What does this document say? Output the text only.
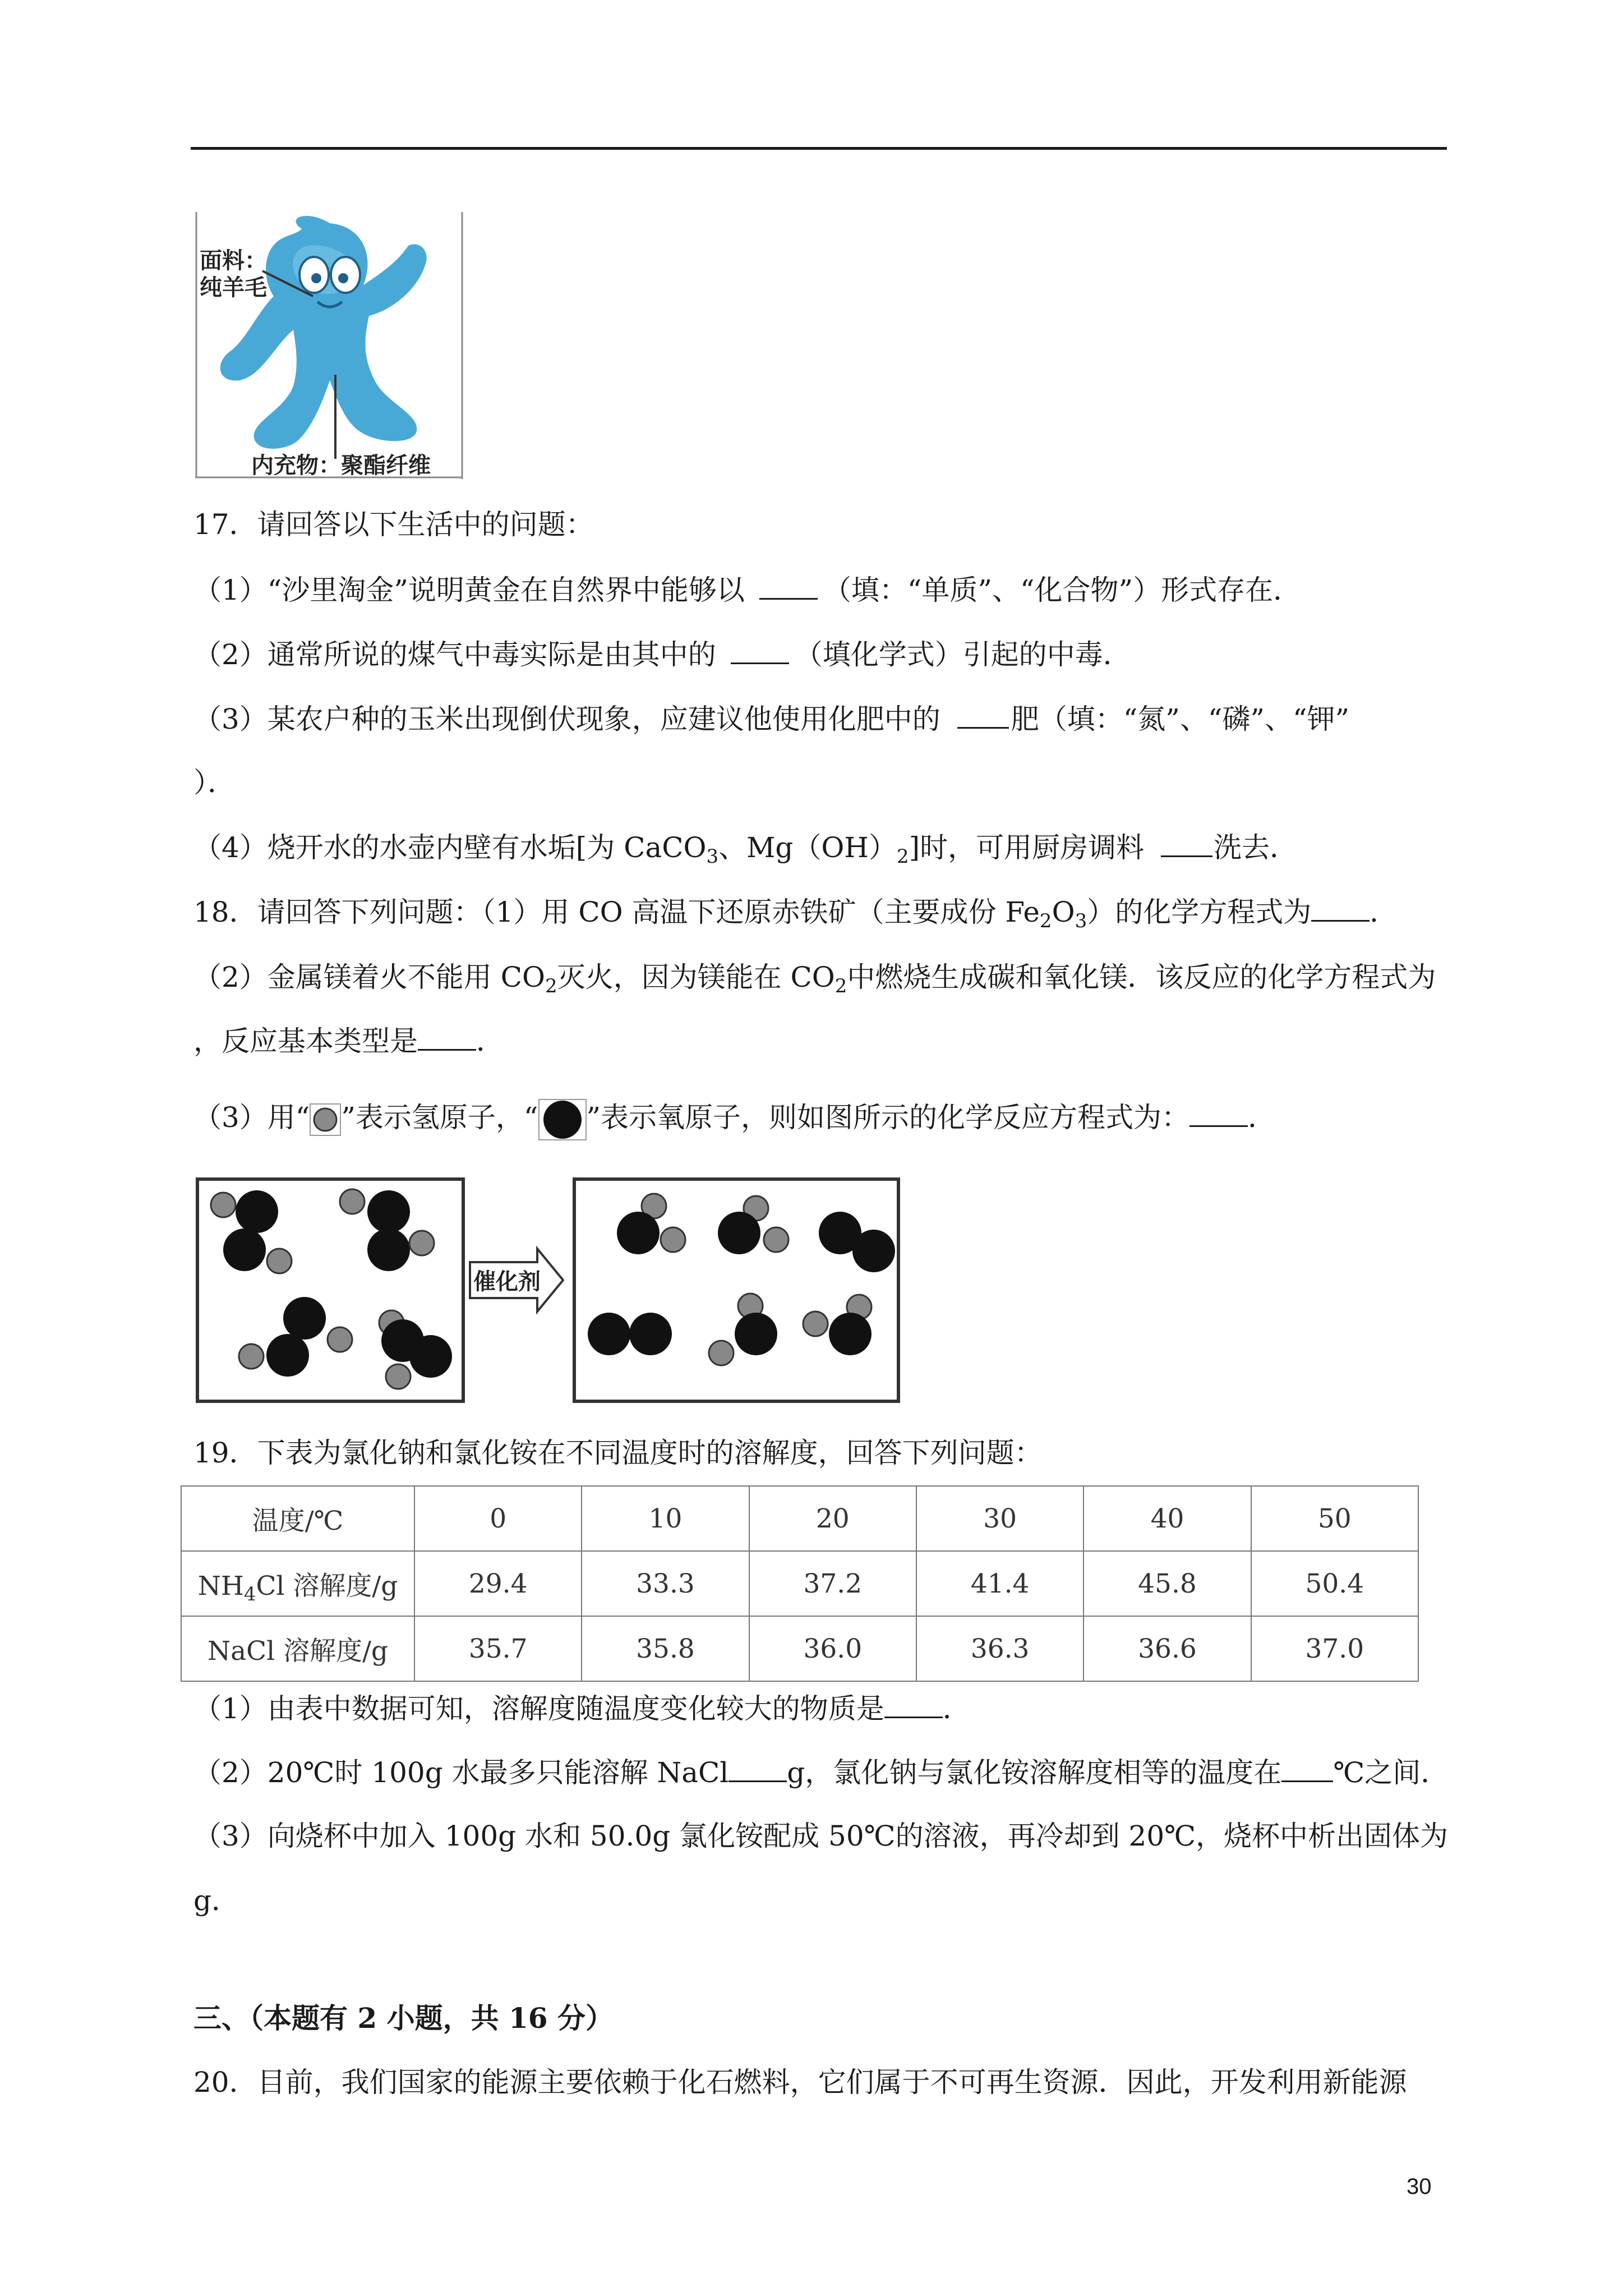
面料：
纯羊毛
内充物：聚酯纤维
17．请回答以下生活中的问题：
（1）“沙里淘金”说明黄金在自然界中能够以	（填：“单质”、“化合物”）形式存在．
（2）通常所说的煤气中毒实际是由其中的	（填化学式）引起的中毒．
（3）某农户种的玉米出现倒伏现象，应建议他使用化肥中的	肥（填：“氮”、“磷”、“钾”
）．
（4）烧开水的水壶内壁有水垢[为 CaCO$_3$、$Mg(OH)_2$]时，可用厨房调料 洗去．
18．请回答下列问题：（1）用 CO 高温下还原赤铁矿（主要成份 $Fe_2O_3$）的化学方程式为 ．
（2）金属镁着火不能用 $CO_2$灭火，因为镁能在 $CO_2$中燃烧生成碳和氧化镁．该反应的化学方程式为
，反应基本类型是 ．
（3）用“ ”表示氢原子，“ ”表示氧原子，则如图所示的化学反应方程式为： ．
催化剂
19．下表为氯化钠和氯化铵在不同温度时的溶解度，回答下列问题：
温度/℃	0	10	20	30	40	50
$NH_4Cl$ 溶解度/g	29.4	33.3	37.2	41.4	45.8	50.4
NaCl 溶解度/g	35.7	35.8	36.0	36.3	36.6	37.0
（1）由表中数据可知，溶解度随温度变化较大的物质是 ．
（2）20℃时 100g 水最多只能溶解 NaCl g，氯化钠与氯化铵溶解度相等的温度在 ℃之间．
（3）向烧杯中加入 100g 水和 50.0g 氯化铵配成 50℃的溶液，再冷却到 20℃，烧杯中析出固体为
g．
三、（本题有 2 小题，共 16 分）
20．目前，我们国家的能源主要依赖于化石燃料，它们属于不可再生资源．因此，开发利用新能源
30
